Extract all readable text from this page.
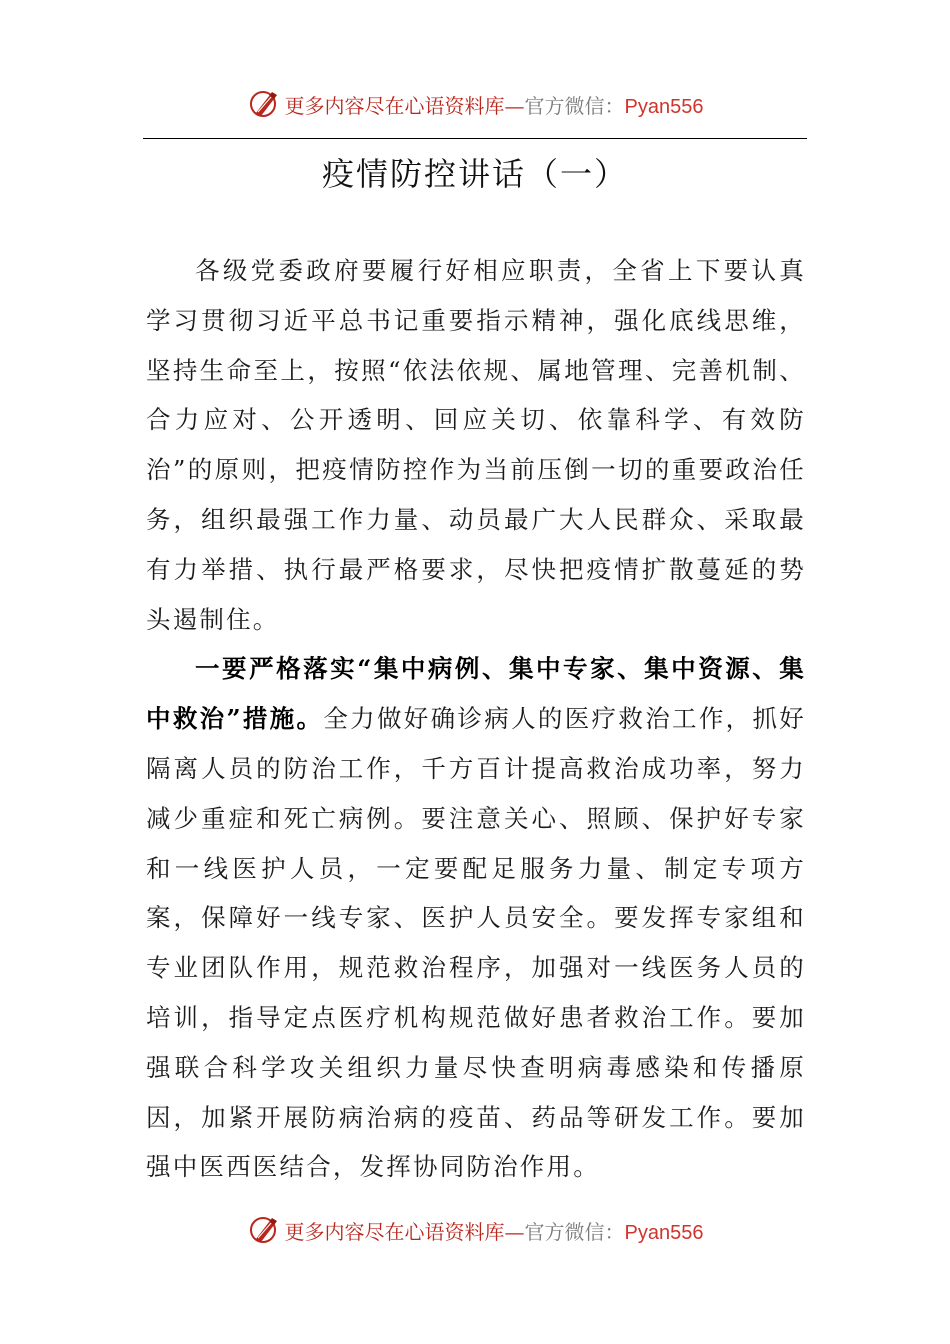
更多内容尽在心语资料库—官方微信：Pyan556
疫情防控讲话（一）

各级党委政府要履行好相应职责，全省上下要认真学习贯彻习近平总书记重要指示精神，强化底线思维，坚持生命至上，按照“依法依规、属地管理、完善机制、合力应对、公开透明、回应关切、依靠科学、有效防治”的原则，把疫情防控作为当前压倒一切的重要政治任务，组织最强工作力量、动员最广大人民群众、采取最有力举措、执行最严格要求，尽快把疫情扩散蔓延的势头遏制住。

一要严格落实“集中病例、集中专家、集中资源、集中救治”措施。全力做好确诊病人的医疗救治工作，抓好隔离人员的防治工作，千方百计提高救治成功率，努力减少重症和死亡病例。要注意关心、照顾、保护好专家和一线医护人员，一定要配足服务力量、制定专项方案，保障好一线专家、医护人员安全。要发挥专家组和专业团队作用，规范救治程序，加强对一线医务人员的培训，指导定点医疗机构规范做好患者救治工作。要加强联合科学攻关组织力量尽快查明病毒感染和传播原因，加紧开展防病治病的疫苗、药品等研发工作。要加强中医西医结合，发挥协同防治作用。

更多内容尽在心语资料库—官方微信：Pyan556
